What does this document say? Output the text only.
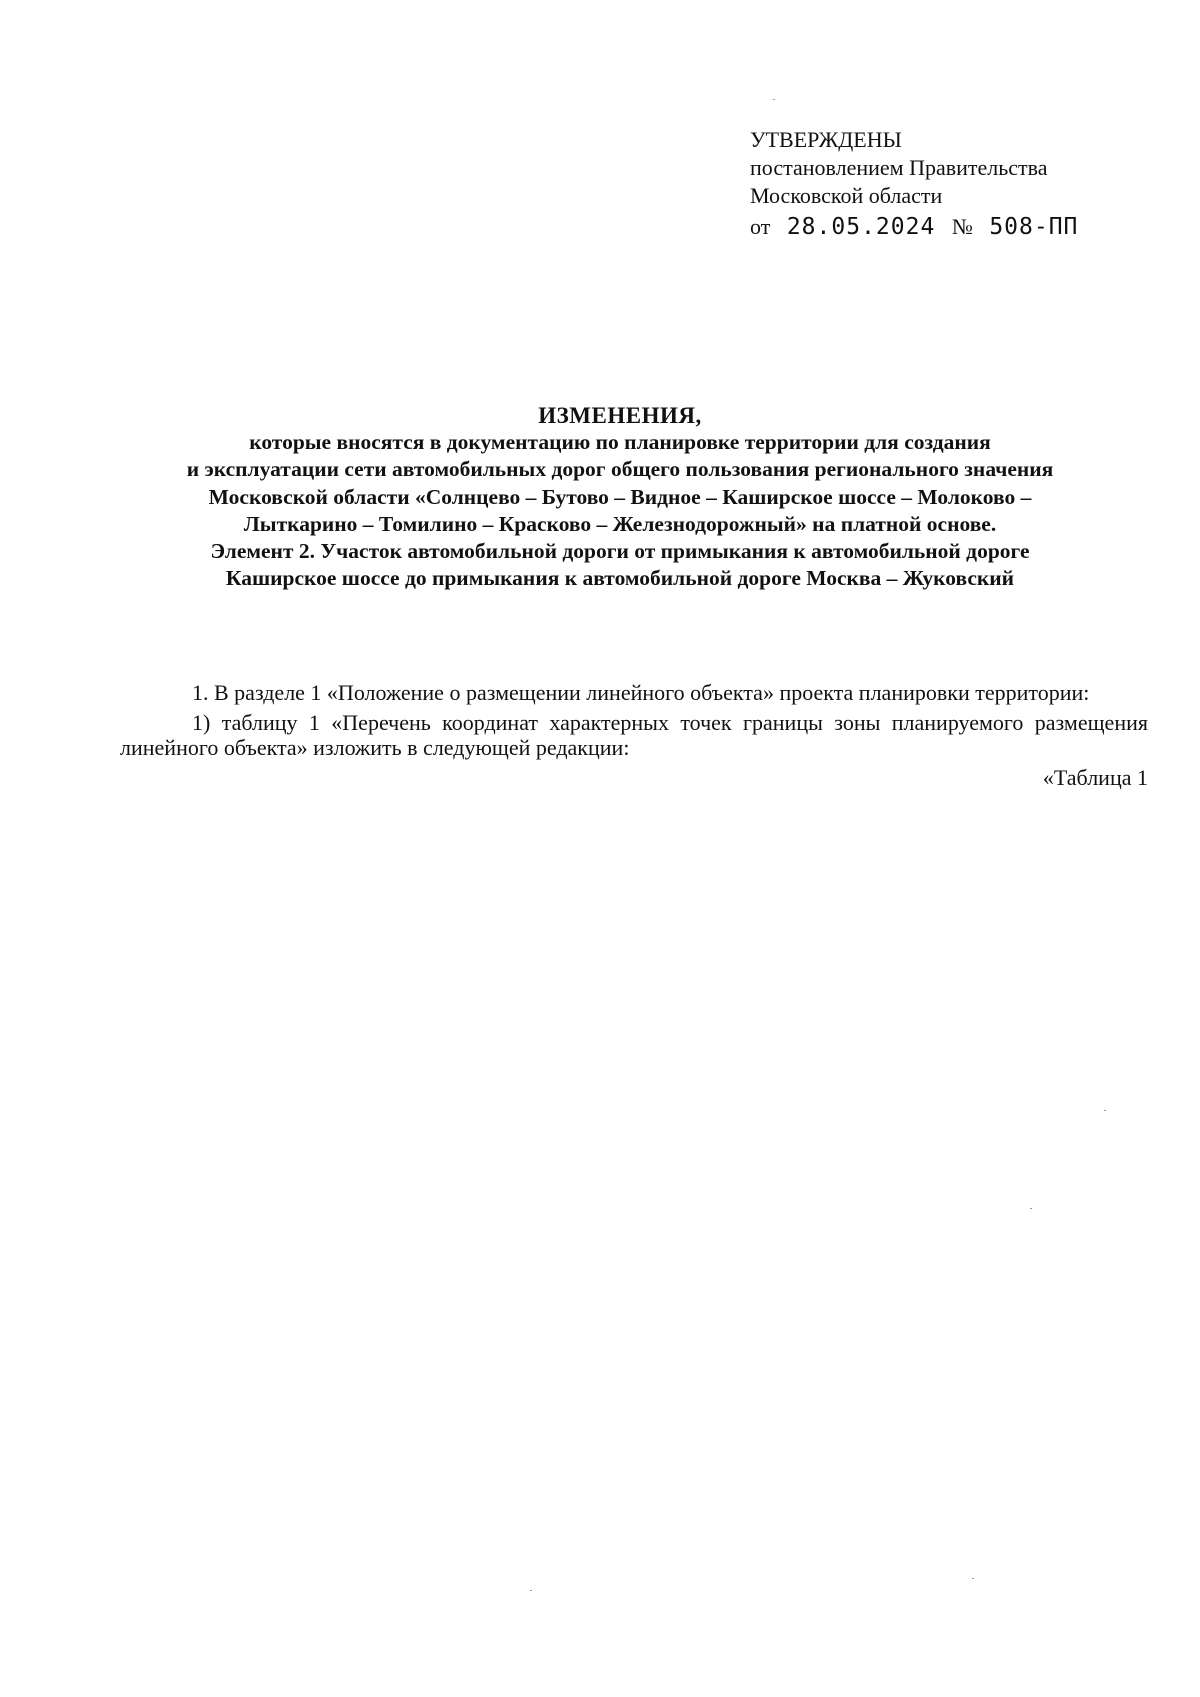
УТВЕРЖДЕНЫ
постановлением Правительства
Московской области
от 28.05.2024 № 508-ПП
ИЗМЕНЕНИЯ,
которые вносятся в документацию по планировке территории для создания
и эксплуатации сети автомобильных дорог общего пользования регионального значения
Московской области «Солнцево – Бутово – Видное – Каширское шоссе – Молоково –
Лыткарино – Томилино – Красково – Железнодорожный» на платной основе.
Элемент 2. Участок автомобильной дороги от примыкания к автомобильной дороге
Каширское шоссе до примыкания к автомобильной дороге Москва – Жуковский

1. В разделе 1 «Положение о размещении линейного объекта» проекта планировки территории:

1) таблицу 1 «Перечень координат характерных точек границы зоны планируемого размещения линейного объекта» изложить в следующей редакции:

«Таблица 1
